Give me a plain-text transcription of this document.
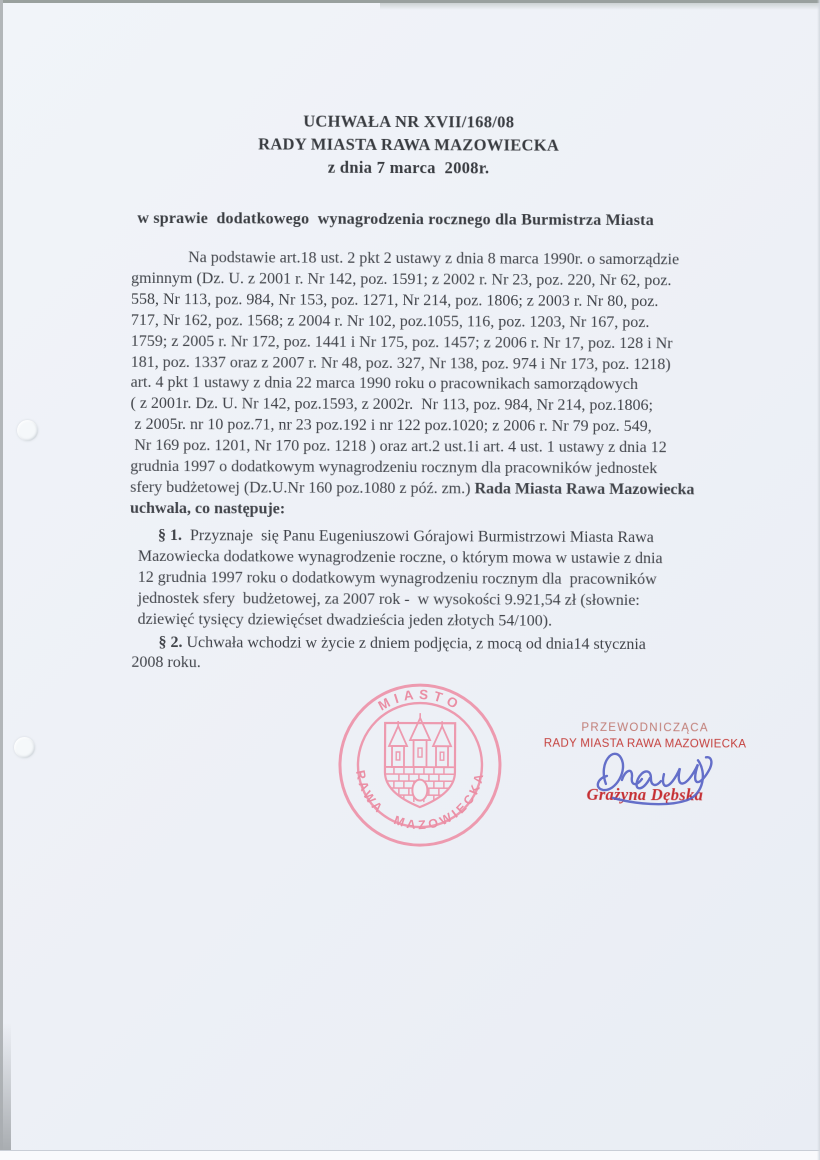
UCHWAŁA NR XVII/168/08
RADY MIASTA RAWA MAZOWIECKA
z dnia 7 marca  2008r.
w sprawie  dodatkowego  wynagrodzenia rocznego dla Burmistrza Miasta
Na podstawie art.18 ust. 2 pkt 2 ustawy z dnia 8 marca 1990r. o samorządzie
gminnym (Dz. U. z 2001 r. Nr 142, poz. 1591; z 2002 r. Nr 23, poz. 220, Nr 62, poz.
558, Nr 113, poz. 984, Nr 153, poz. 1271, Nr 214, poz. 1806; z 2003 r. Nr 80, poz.
717, Nr 162, poz. 1568; z 2004 r. Nr 102, poz.1055, 116, poz. 1203, Nr 167, poz.
1759; z 2005 r. Nr 172, poz. 1441 i Nr 175, poz. 1457; z 2006 r. Nr 17, poz. 128 i Nr
181, poz. 1337 oraz z 2007 r. Nr 48, poz. 327, Nr 138, poz. 974 i Nr 173, poz. 1218)
art. 4 pkt 1 ustawy z dnia 22 marca 1990 roku o pracownikach samorządowych
( z 2001r. Dz. U. Nr 142, poz.1593, z 2002r.  Nr 113, poz. 984, Nr 214, poz.1806;
z 2005r. nr 10 poz.71, nr 23 poz.192 i nr 122 poz.1020; z 2006 r. Nr 79 poz. 549,
Nr 169 poz. 1201, Nr 170 poz. 1218 ) oraz art.2 ust.1i art. 4 ust. 1 ustawy z dnia 12
grudnia 1997 o dodatkowym wynagrodzeniu rocznym dla pracowników jednostek
sfery budżetowej (Dz.U.Nr 160 poz.1080 z póź. zm.) Rada Miasta Rawa Mazowiecka
uchwala, co następuje:
§ 1.  Przyznaje  się Panu Eugeniuszowi Górajowi Burmistrzowi Miasta Rawa
Mazowiecka dodatkowe wynagrodzenie roczne, o którym mowa w ustawie z dnia
12 grudnia 1997 roku o dodatkowym wynagrodzeniu rocznym dla  pracowników
jednostek sfery  budżetowej, za 2007 rok -  w wysokości 9.921,54 zł (słownie:
dziewięć tysięcy dziewięćset dwadzieścia jeden złotych 54/100).
§ 2. Uchwała wchodzi w życie z dniem podjęcia, z mocą od dnia14 stycznia
2008 roku.
MIASTO
RAWA MAZOWIECKA
PRZEWODNICZĄCA
RADY MIASTA RAWA MAZOWIECKA
Grażyna Dębska
